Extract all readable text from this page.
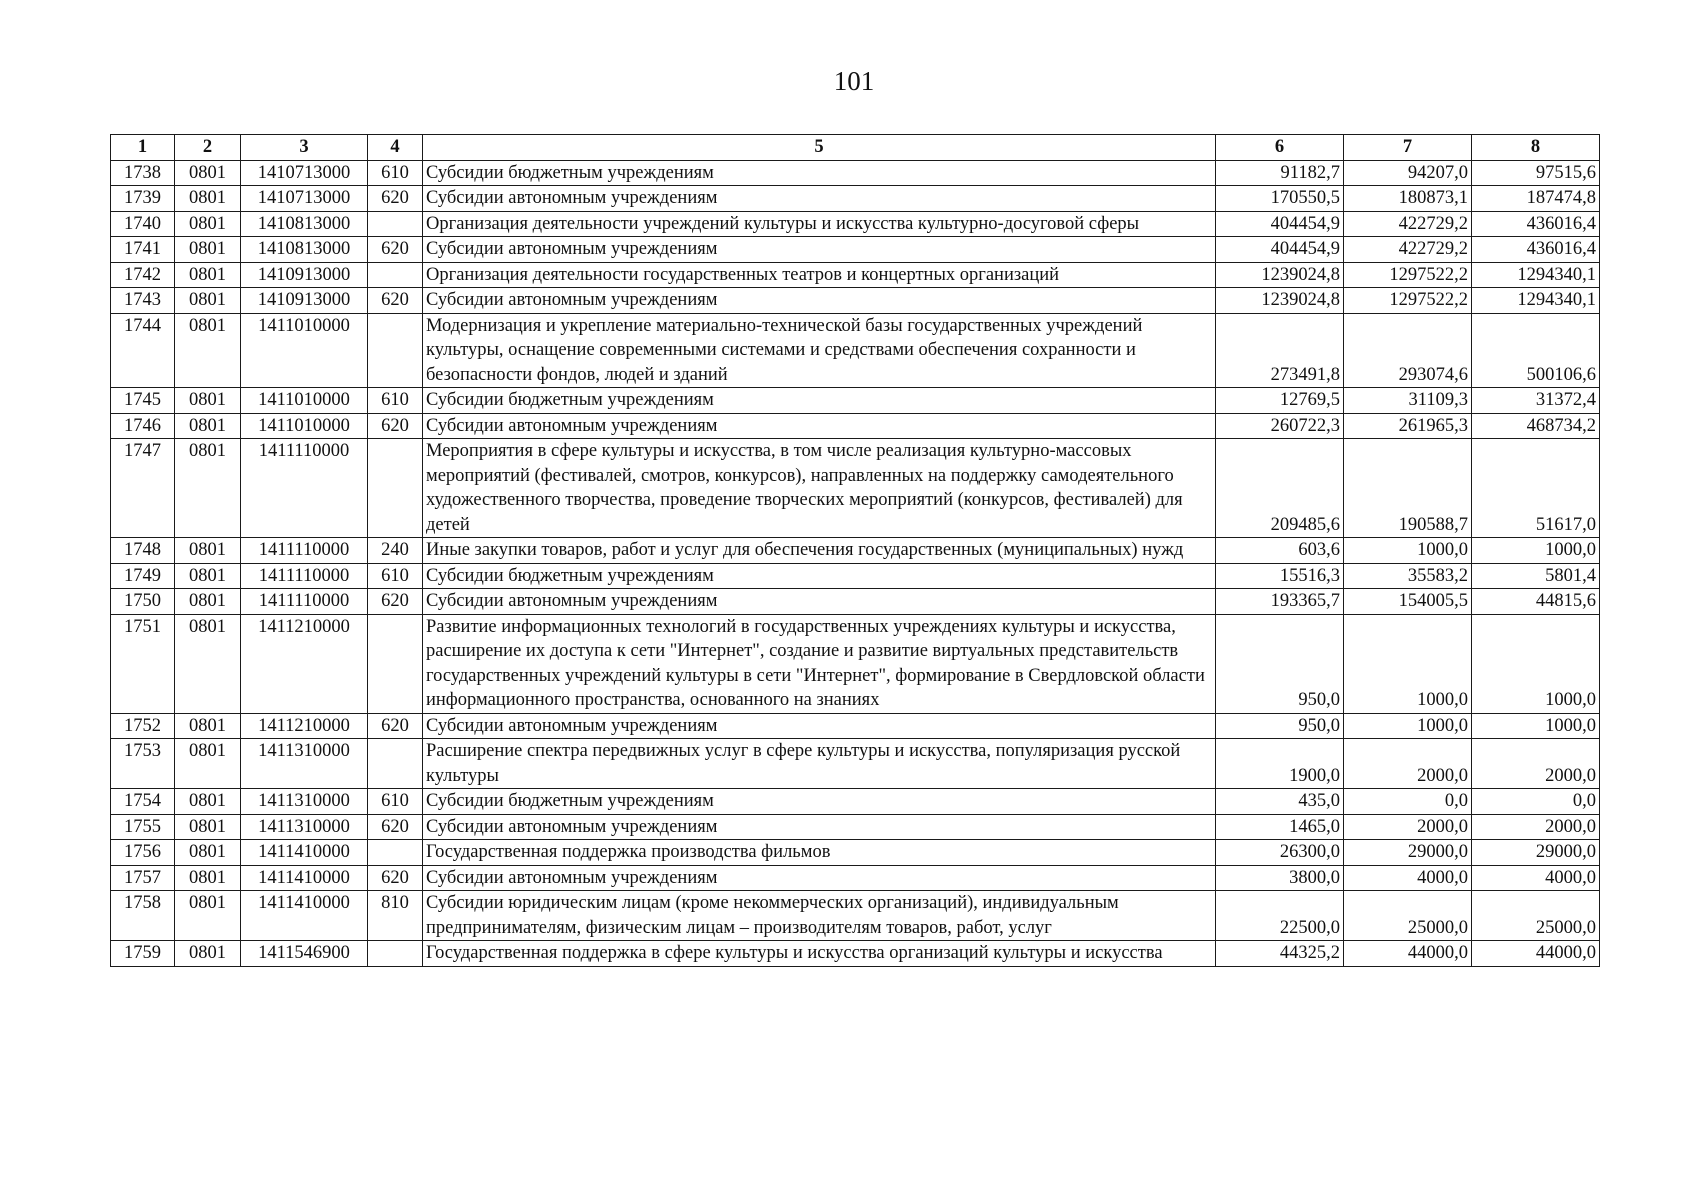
101
1	2	3	4	5	6	7	8
1738	0801	1410713000	610	Субсидии бюджетным учреждениям	91182,7	94207,0	97515,6
1739	0801	1410713000	620	Субсидии автономным учреждениям	170550,5	180873,1	187474,8
1740	0801	1410813000		Организация деятельности учреждений культуры и искусства культурно-досуговой сферы	404454,9	422729,2	436016,4
1741	0801	1410813000	620	Субсидии автономным учреждениям	404454,9	422729,2	436016,4
1742	0801	1410913000		Организация деятельности государственных театров и концертных организаций	1239024,8	1297522,2	1294340,1
1743	0801	1410913000	620	Субсидии автономным учреждениям	1239024,8	1297522,2	1294340,1
1744	0801	1411010000		Модернизация и укрепление материально-технической базы государственных учреждений культуры, оснащение современными системами и средствами обеспечения сохранности и безопасности фондов, людей и зданий	273491,8	293074,6	500106,6
1745	0801	1411010000	610	Субсидии бюджетным учреждениям	12769,5	31109,3	31372,4
1746	0801	1411010000	620	Субсидии автономным учреждениям	260722,3	261965,3	468734,2
1747	0801	1411110000		Мероприятия в сфере культуры и искусства, в том числе реализация культурно-массовых мероприятий (фестивалей, смотров, конкурсов), направленных на поддержку самодеятельного художественного творчества, проведение творческих мероприятий (конкурсов, фестивалей) для детей	209485,6	190588,7	51617,0
1748	0801	1411110000	240	Иные закупки товаров, работ и услуг для обеспечения государственных (муниципальных) нужд	603,6	1000,0	1000,0
1749	0801	1411110000	610	Субсидии бюджетным учреждениям	15516,3	35583,2	5801,4
1750	0801	1411110000	620	Субсидии автономным учреждениям	193365,7	154005,5	44815,6
1751	0801	1411210000		Развитие информационных технологий в государственных учреждениях культуры и искусства, расширение их доступа к сети "Интернет", создание и развитие виртуальных представительств государственных учреждений культуры в сети "Интернет", формирование в Свердловской области информационного пространства, основанного на знаниях	950,0	1000,0	1000,0
1752	0801	1411210000	620	Субсидии автономным учреждениям	950,0	1000,0	1000,0
1753	0801	1411310000		Расширение спектра передвижных услуг в сфере культуры и искусства, популяризация русской культуры	1900,0	2000,0	2000,0
1754	0801	1411310000	610	Субсидии бюджетным учреждениям	435,0	0,0	0,0
1755	0801	1411310000	620	Субсидии автономным учреждениям	1465,0	2000,0	2000,0
1756	0801	1411410000		Государственная поддержка производства фильмов	26300,0	29000,0	29000,0
1757	0801	1411410000	620	Субсидии автономным учреждениям	3800,0	4000,0	4000,0
1758	0801	1411410000	810	Субсидии юридическим лицам (кроме некоммерческих организаций), индивидуальным предпринимателям, физическим лицам – производителям товаров, работ, услуг	22500,0	25000,0	25000,0
1759	0801	1411546900		Государственная поддержка в сфере культуры и искусства организаций культуры и искусства	44325,2	44000,0	44000,0
